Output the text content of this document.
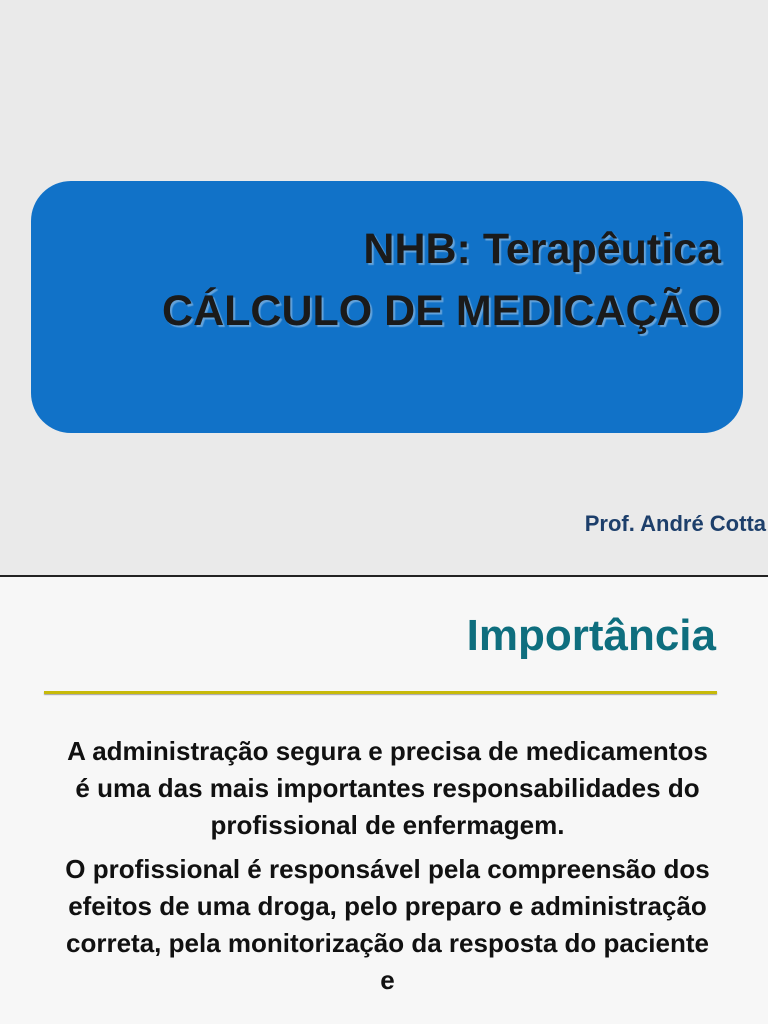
NHB: Terapêutica
CÁLCULO DE MEDICAÇÃO
Prof. André Cotta
Importância

A administração segura e precisa de medicamentos é uma das mais importantes responsabilidades do profissional de enfermagem.

O profissional é responsável pela compreensão dos efeitos de uma droga, pelo preparo e administração correta, pela monitorização da resposta do paciente e
